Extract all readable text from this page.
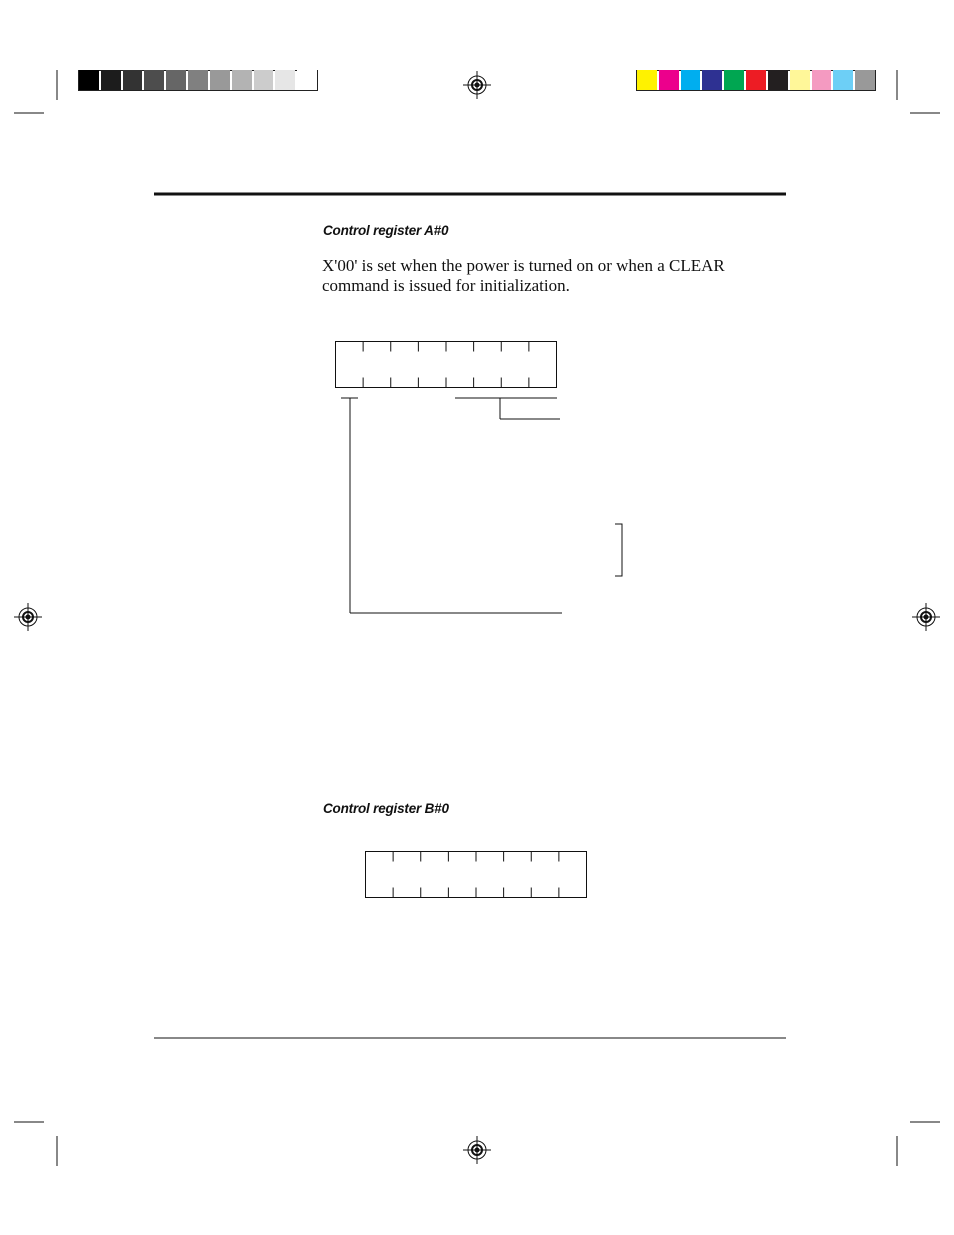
Control register A#0
X'00' is set when the power is turned on or when a CLEAR
command is issued for initialization.
Control register B#0
